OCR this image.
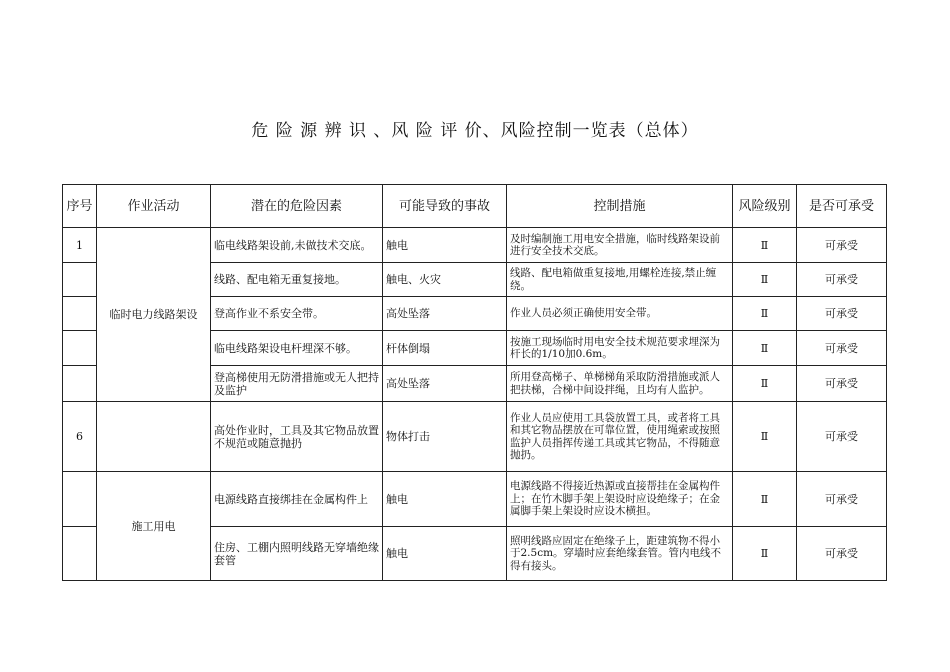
危 险 源 辨 识 、风 险 评 价、风险控制一览表（总体）
序号	作业活动	潜在的危险因素	可能导致的事故	控制措施	风险级别	是否可承受
1	临时电力线路架设	临电线路架设前,未做技术交底。	触电	及时编制施工用电安全措施，临时线路架设前进行安全技术交底。	Ⅱ	可承受
		线路、配电箱无重复接地。	触电、火灾	线路、配电箱做重复接地,用螺栓连接,禁止缠绕。	Ⅱ	可承受
		登高作业不系安全带。	高处坠落	作业人员必须正确使用安全带。	Ⅱ	可承受
		临电线路架设电杆埋深不够。	杆体倒塌	按施工现场临时用电安全技术规范要求埋深为杆长的1/10加0.6m。	Ⅱ	可承受
		登高梯使用无防滑措施或无人把持及监护	高处坠落	所用登高梯子、单梯梯角采取防滑措施或派人把扶梯，合梯中间设拌绳，且均有人监护。	Ⅱ	可承受
6		高处作业时，工具及其它物品放置不规范或随意抛扔	物体打击	作业人员应使用工具袋放置工具，或者将工具和其它物品摆放在可靠位置，使用绳索或按照监护人员指挥传递工具或其它物品，不得随意抛扔。	Ⅱ	可承受
	施工用电	电源线路直接绑挂在金属构件上	触电	电源线路不得接近热源或直接帮挂在金属构件上；在竹木脚手架上架设时应设绝缘子；在金属脚手架上架设时应设木横担。	Ⅱ	可承受
		住房、工棚内照明线路无穿墙绝缘套管	触电	照明线路应固定在绝缘子上，距建筑物不得小于2.5cm。穿墙时应套绝缘套管。管内电线不得有接头。	Ⅱ	可承受
